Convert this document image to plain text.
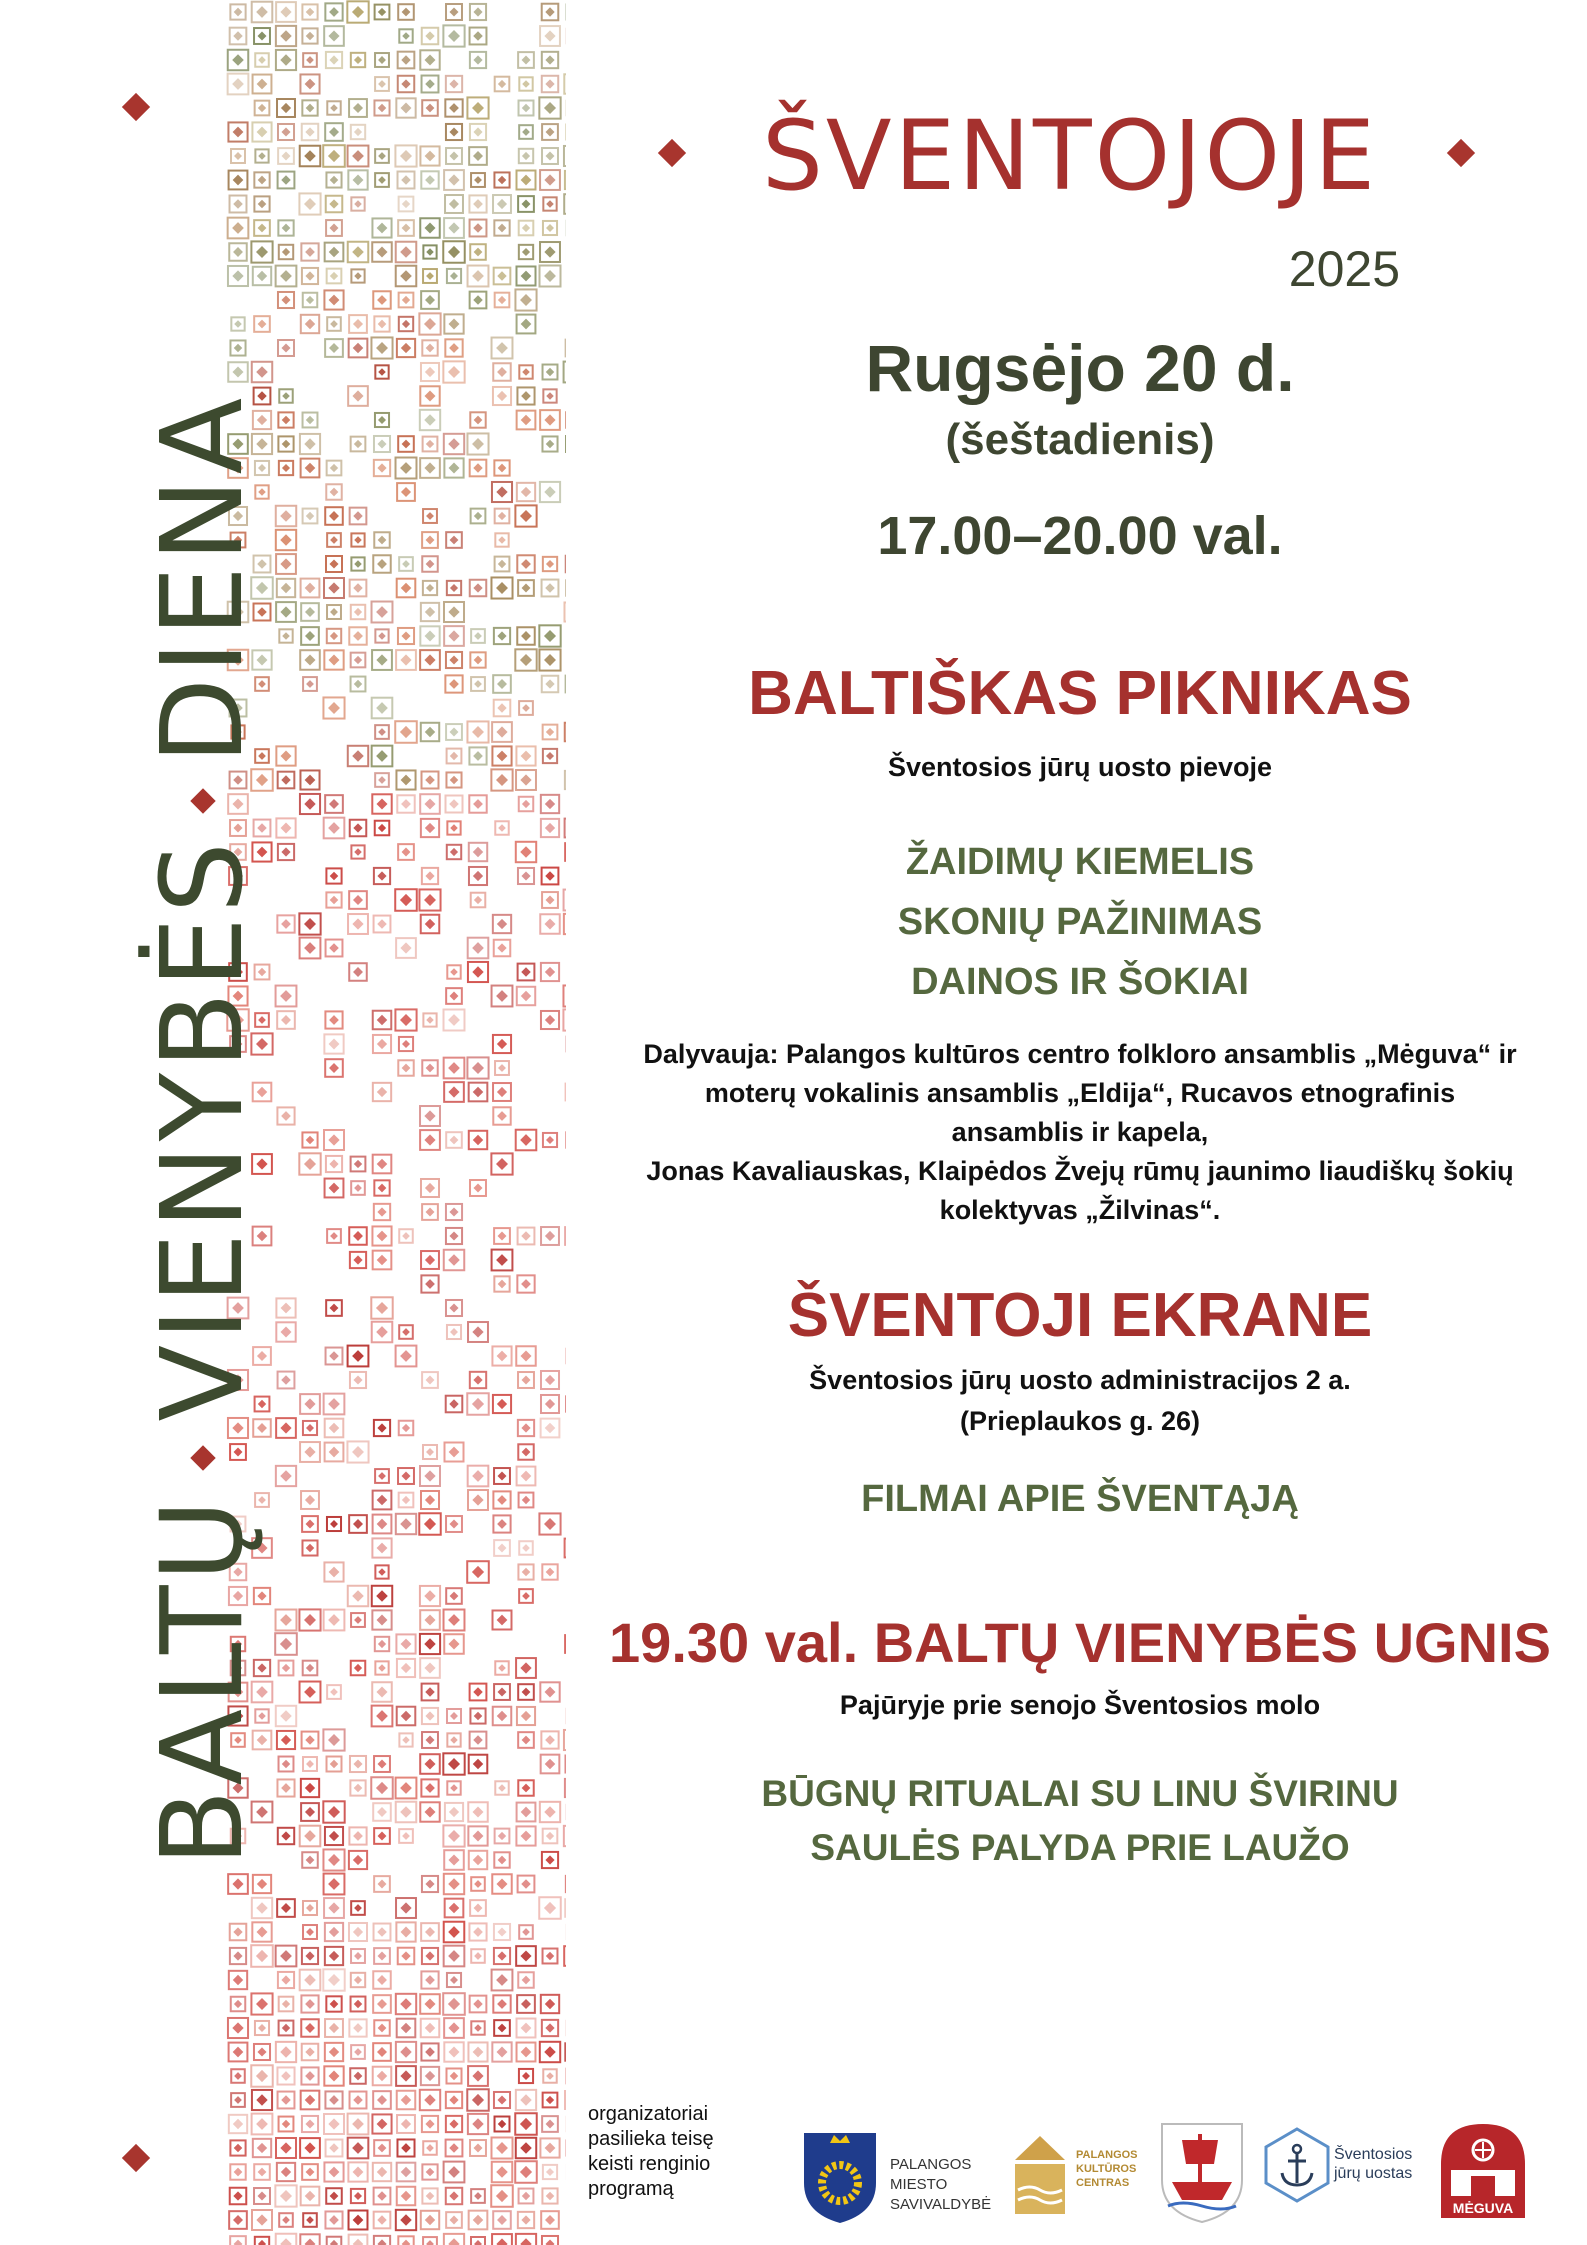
BALTŲ
VIENYBĖS
DIENA
ŠVENTOJOJE
2025
Rugsėjo 20 d.
(šeštadienis)
17.00–20.00 val.
BALTIŠKAS PIKNIKAS
Šventosios jūrų uosto pievoje
ŽAIDIMŲ KIEMELIS
SKONIŲ PAŽINIMAS
DAINOS IR ŠOKIAI
Dalyvauja: Palangos kultūros centro folkloro ansamblis „Mėguva“ ir
moterų vokalinis ansamblis „Eldija“, Rucavos etnografinis
ansamblis ir kapela,
Jonas Kavaliauskas, Klaipėdos Žvejų rūmų jaunimo liaudiškų šokių
kolektyvas „Žilvinas“.
ŠVENTOJI EKRANE
Šventosios jūrų uosto administracijos 2 a.
(Prieplaukos g. 26)
FILMAI APIE ŠVENTĄJĄ
19.30 val. BALTŲ VIENYBĖS UGNIS
Pajūryje prie senojo Šventosios molo
BŪGNŲ RITUALAI SU LINU ŠVIRINU
SAULĖS PALYDA PRIE LAUŽO
organizatoriai
pasilieka teisę
keisti renginio
programą
PALANGOS
MIESTO
SAVIVALDYBĖ
PALANGOS
KULTŪROS
CENTRAS
Šventosios
jūrų uostas
MĖGUVA
